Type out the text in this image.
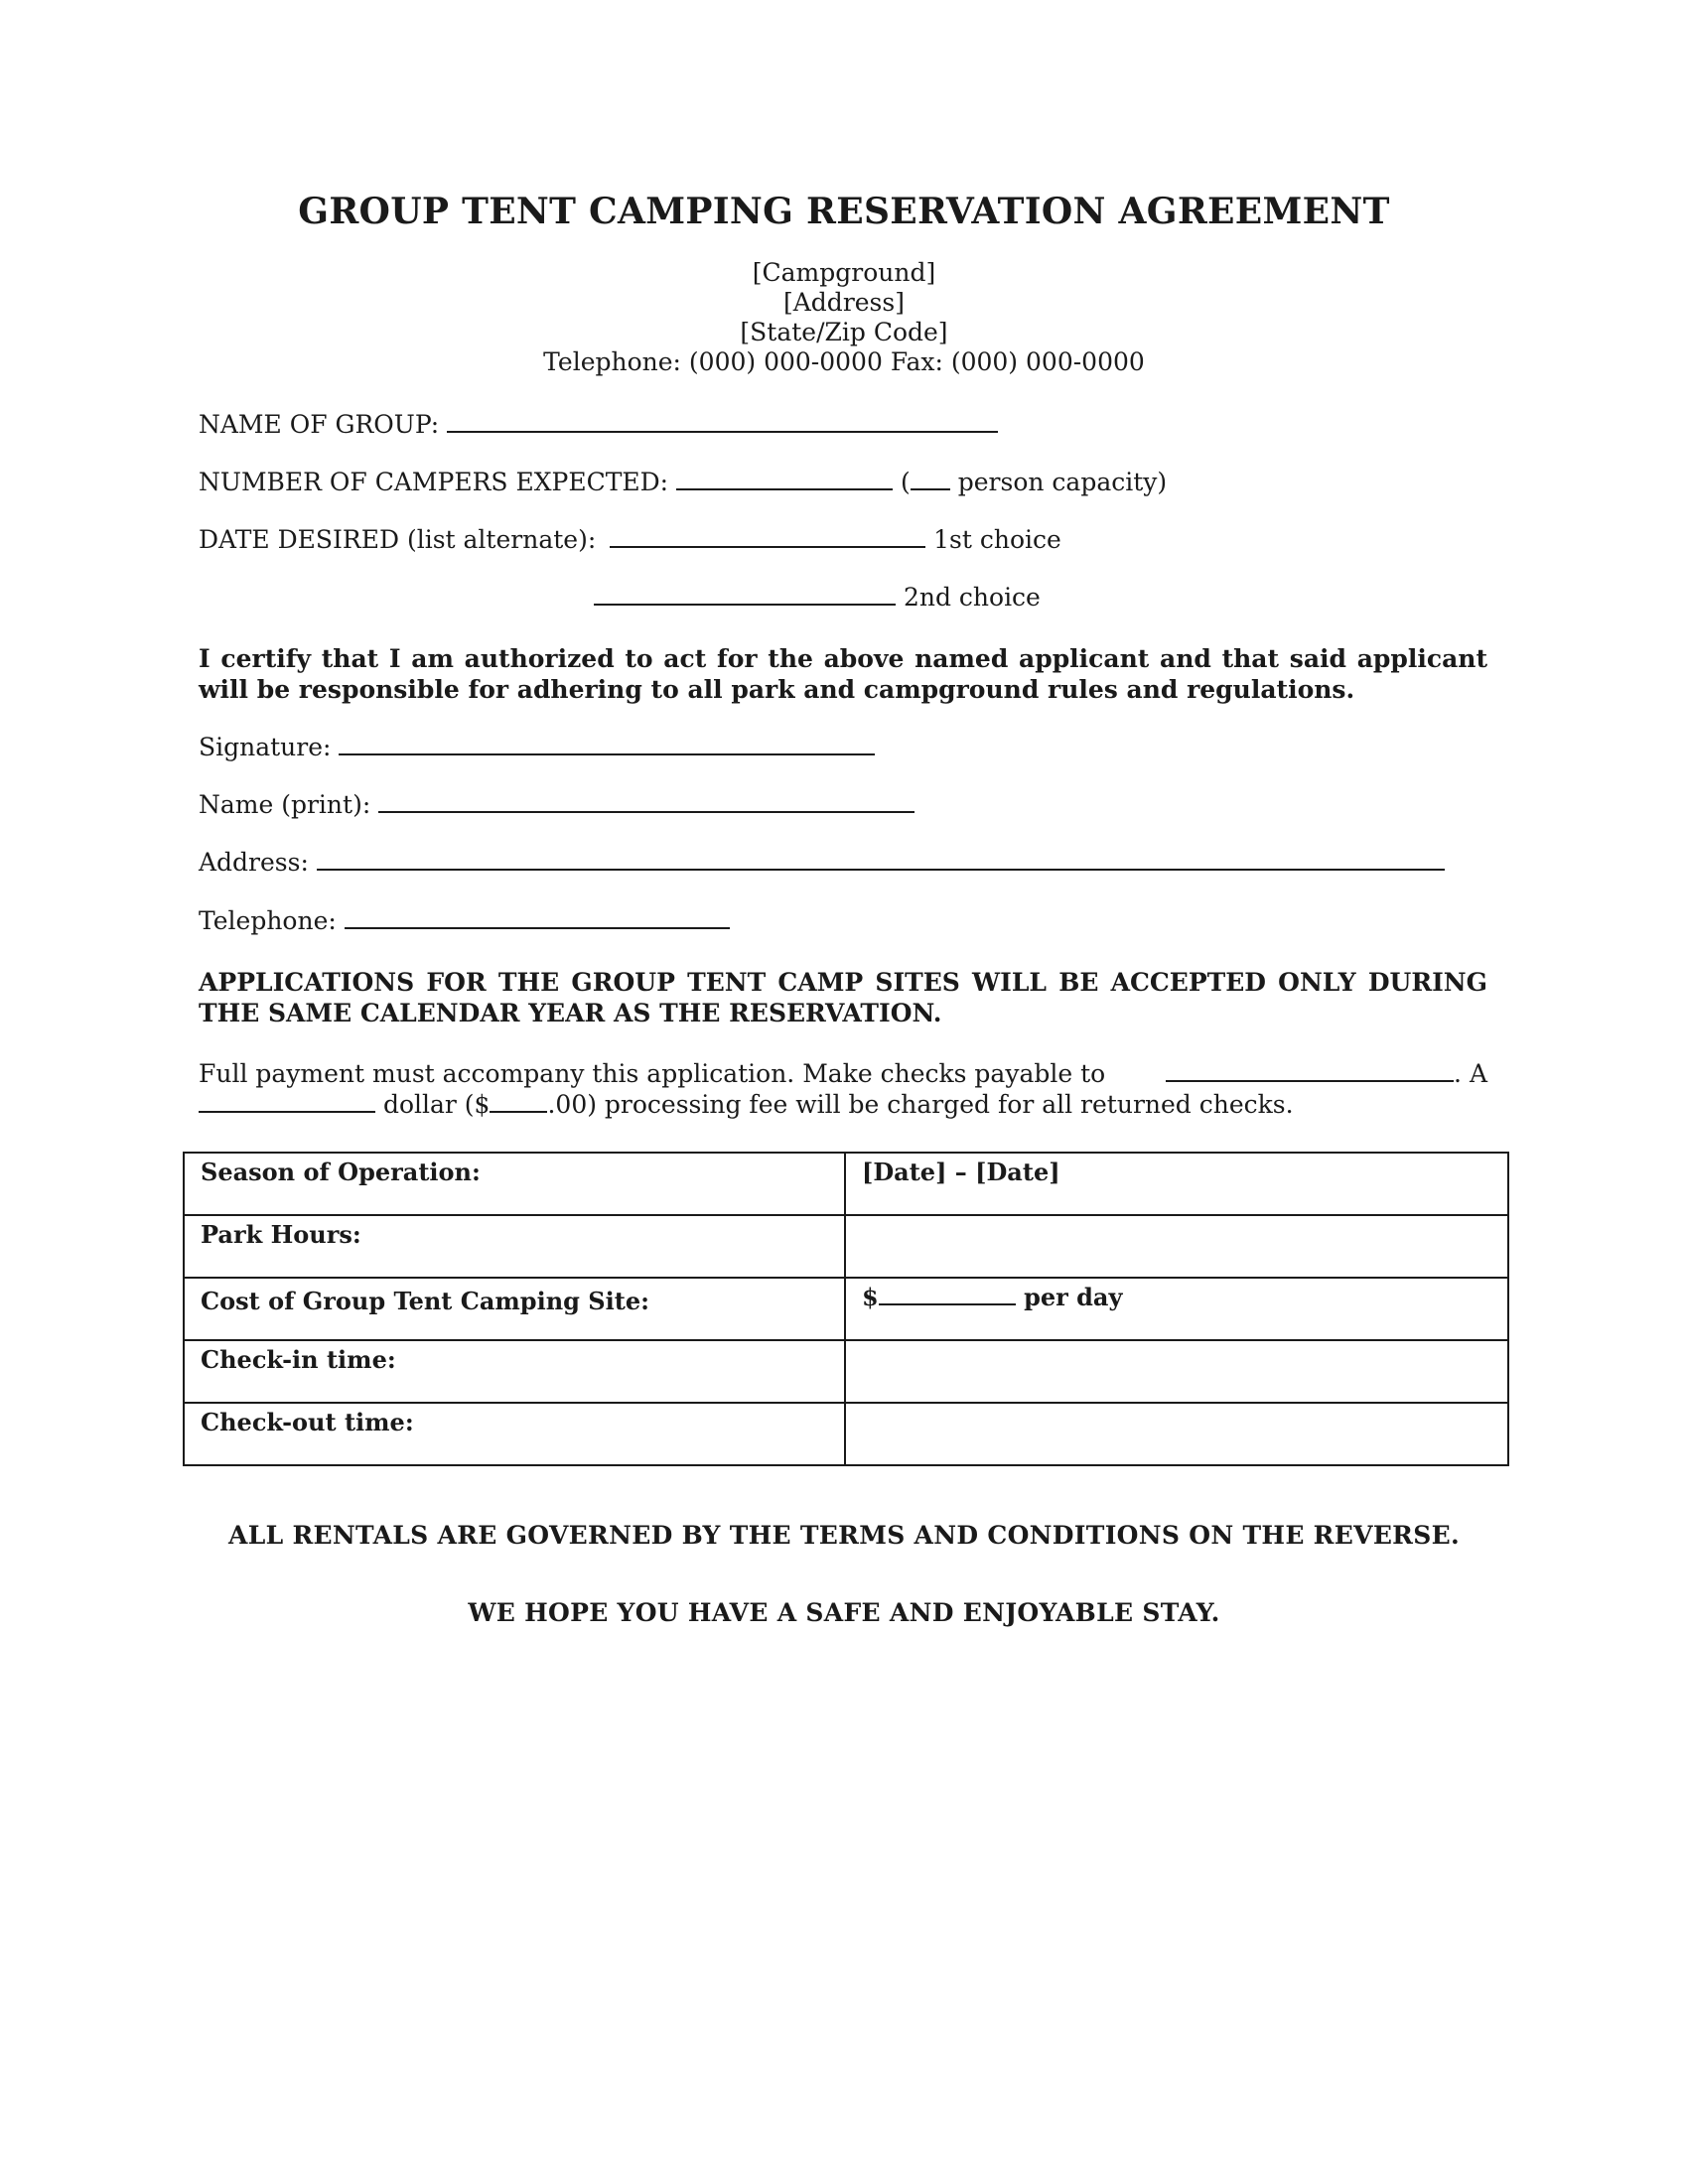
GROUP TENT CAMPING RESERVATION AGREEMENT
[Campground]
[Address]
[State/Zip Code]
Telephone: (000) 000-0000 Fax: (000) 000-0000
NAME OF GROUP:
NUMBER OF CAMPERS EXPECTED:	( person capacity)
DATE DESIRED (list alternate):	1st choice
2nd choice
I certify that I am authorized to act for the above named applicant and that said applicant will be responsible for adhering to all park and campground rules and regulations.
Signature:
Name (print):
Address:
Telephone:
APPLICATIONS FOR THE GROUP TENT CAMP SITES WILL BE ACCEPTED ONLY DURING THE SAME CALENDAR YEAR AS THE RESERVATION.
Full payment must accompany this application. Make checks payable to	. A
dollar ($ .00) processing fee will be charged for all returned checks.
Season of Operation:	[Date] – [Date]
Park Hours:
Cost of Group Tent Camping Site:	$	per day
Check-in time:
Check-out time:
ALL RENTALS ARE GOVERNED BY THE TERMS AND CONDITIONS ON THE REVERSE.
WE HOPE YOU HAVE A SAFE AND ENJOYABLE STAY.
